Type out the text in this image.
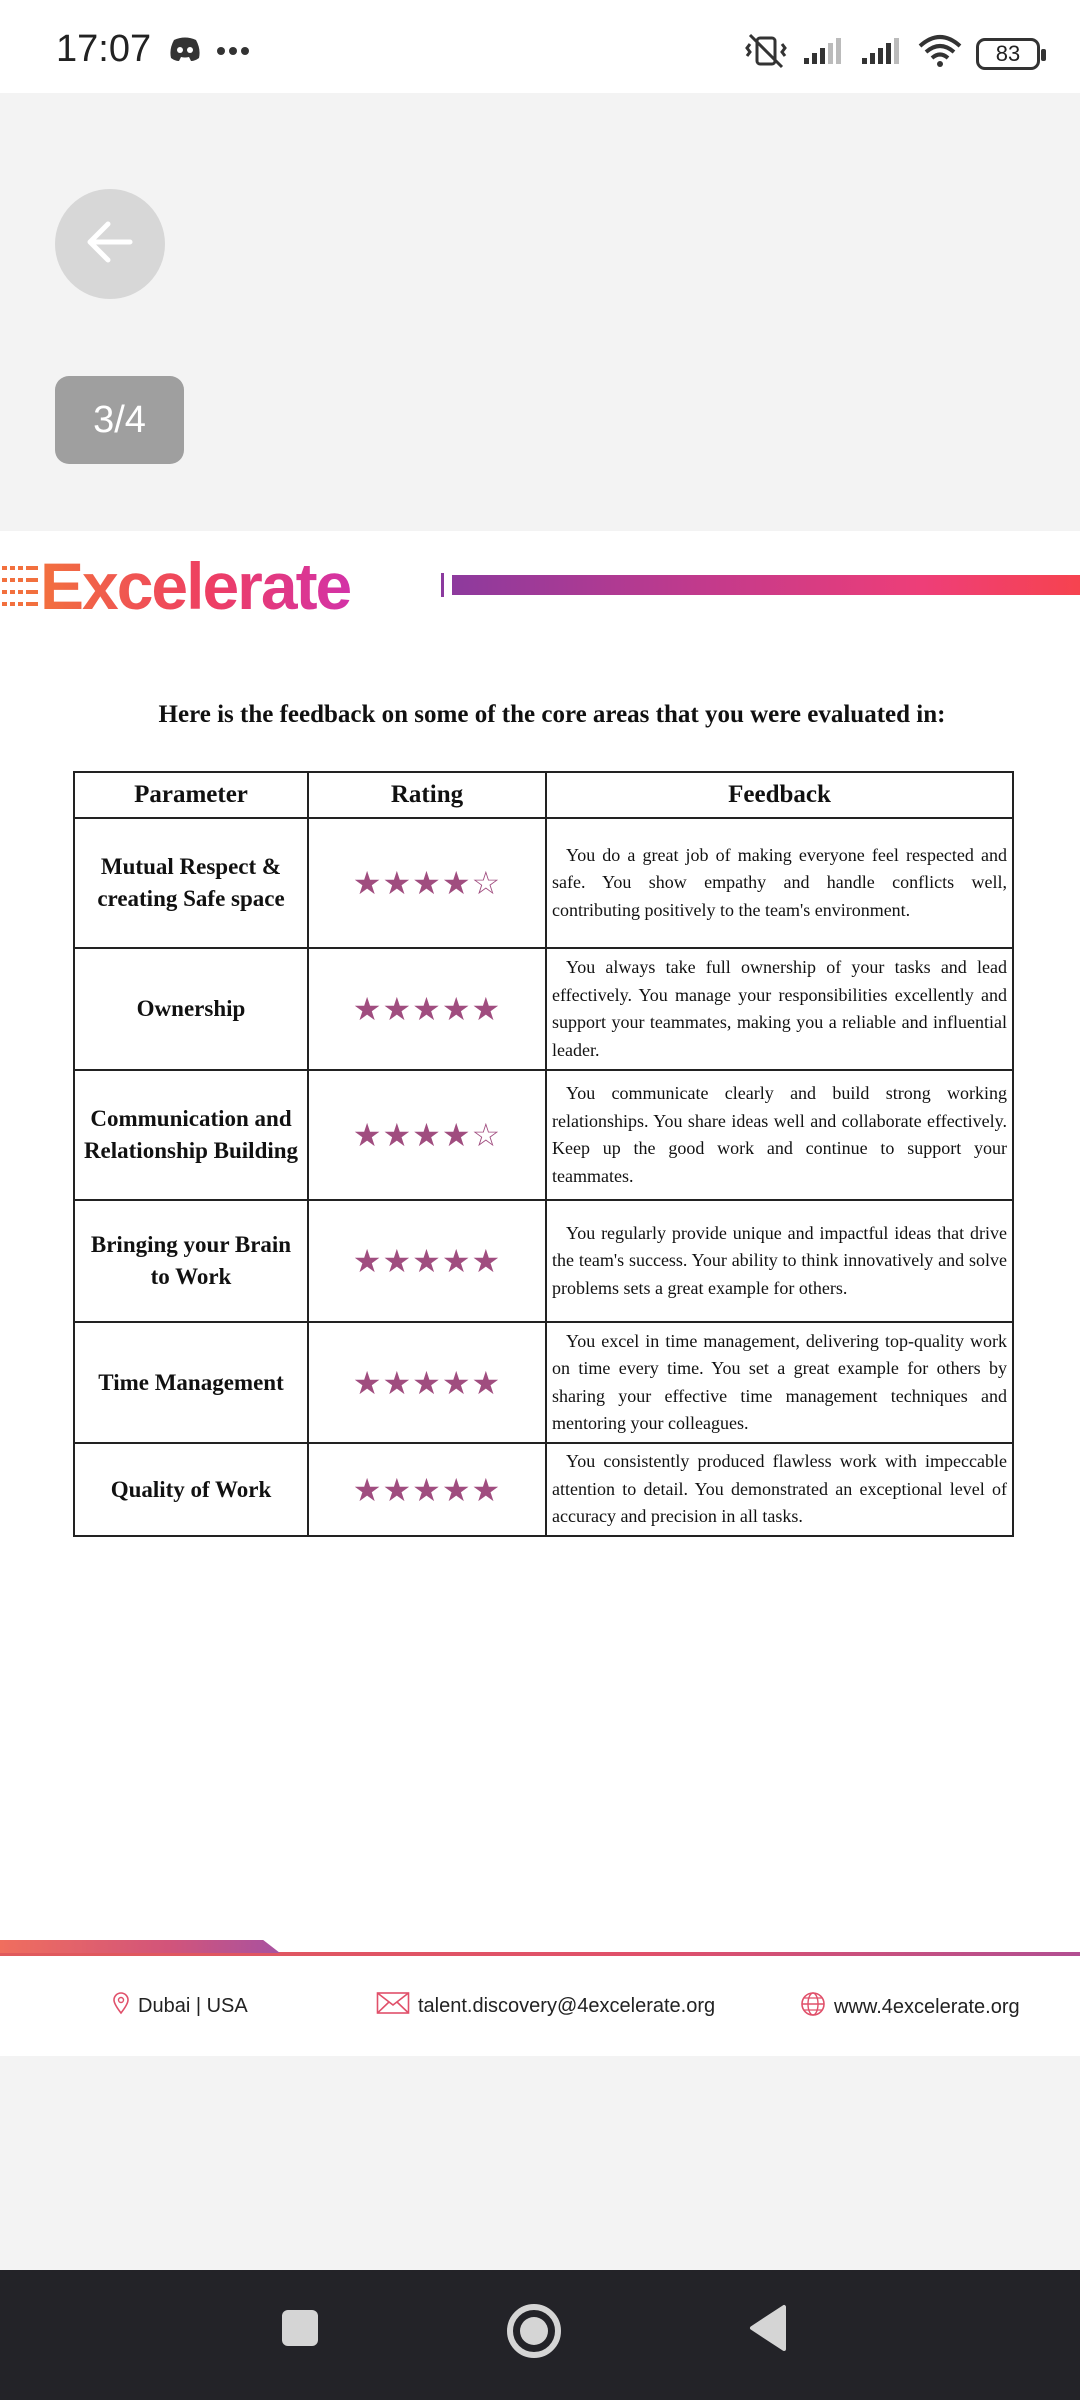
17:07	83
3/4
Excelerate
Here is the feedback on some of the core areas that you were evaluated in:
Parameter	Rating	Feedback
Mutual Respect & creating Safe space	★★★★☆	You do a great job of making everyone feel respected and safe. You show empathy and handle conflicts well, contributing positively to the team's environment.
Ownership	★★★★★	You always take full ownership of your tasks and lead effectively. You manage your responsibilities excellently and support your teammates, making you a reliable and influential leader.
Communication and Relationship Building	★★★★☆	You communicate clearly and build strong working relationships. You share ideas well and collaborate effectively. Keep up the good work and continue to support your teammates.
Bringing your Brain to Work	★★★★★	You regularly provide unique and impactful ideas that drive the team's success. Your ability to think innovatively and solve problems sets a great example for others.
Time Management	★★★★★	You excel in time management, delivering top-quality work on time every time. You set a great example for others by sharing your effective time management techniques and mentoring your colleagues.
Quality of Work	★★★★★	You consistently produced flawless work with impeccable attention to detail. You demonstrated an exceptional level of accuracy and precision in all tasks.
Dubai | USA	talent.discovery@4excelerate.org	www.4excelerate.org
